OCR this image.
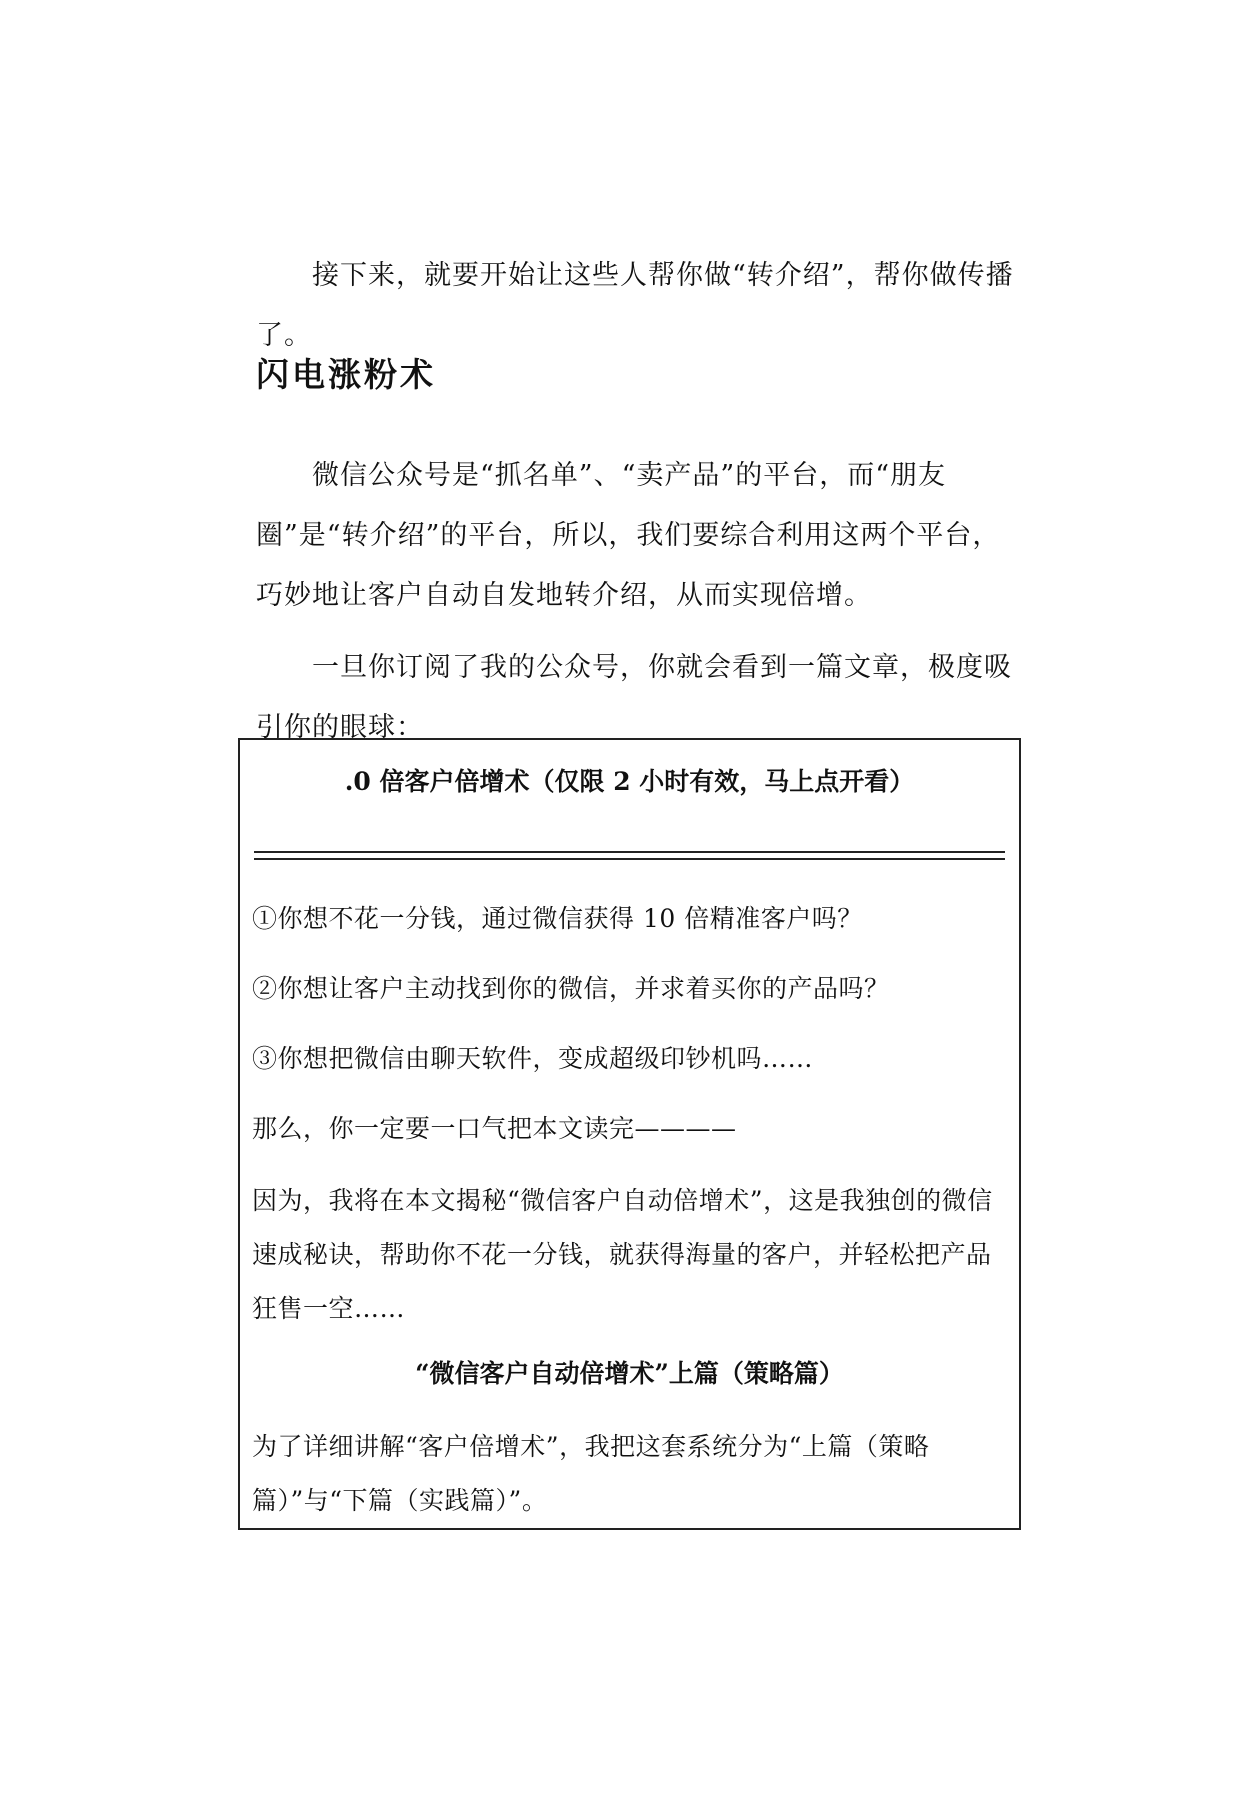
接下来，就要开始让这些人帮你做“转介绍”，帮你做传播了。

闪电涨粉术

微信公众号是“抓名单”、“卖产品”的平台，而“朋友圈”是“转介绍”的平台，所以，我们要综合利用这两个平台，巧妙地让客户自动自发地转介绍，从而实现倍增。

一旦你订阅了我的公众号，你就会看到一篇文章，极度吸引你的眼球：

.0 倍客户倍增术（仅限 2 小时有效，马上点开看）

①你想不花一分钱，通过微信获得 10 倍精准客户吗？

②你想让客户主动找到你的微信，并求着买你的产品吗？

③你想把微信由聊天软件，变成超级印钞机吗……

那么，你一定要一口气把本文读完————

因为，我将在本文揭秘“微信客户自动倍增术”，这是我独创的微信速成秘诀，帮助你不花一分钱，就获得海量的客户，并轻松把产品狂售一空……

“微信客户自动倍增术”上篇（策略篇）

为了详细讲解“客户倍增术”，我把这套系统分为“上篇（策略篇）”与“下篇（实践篇）”。
